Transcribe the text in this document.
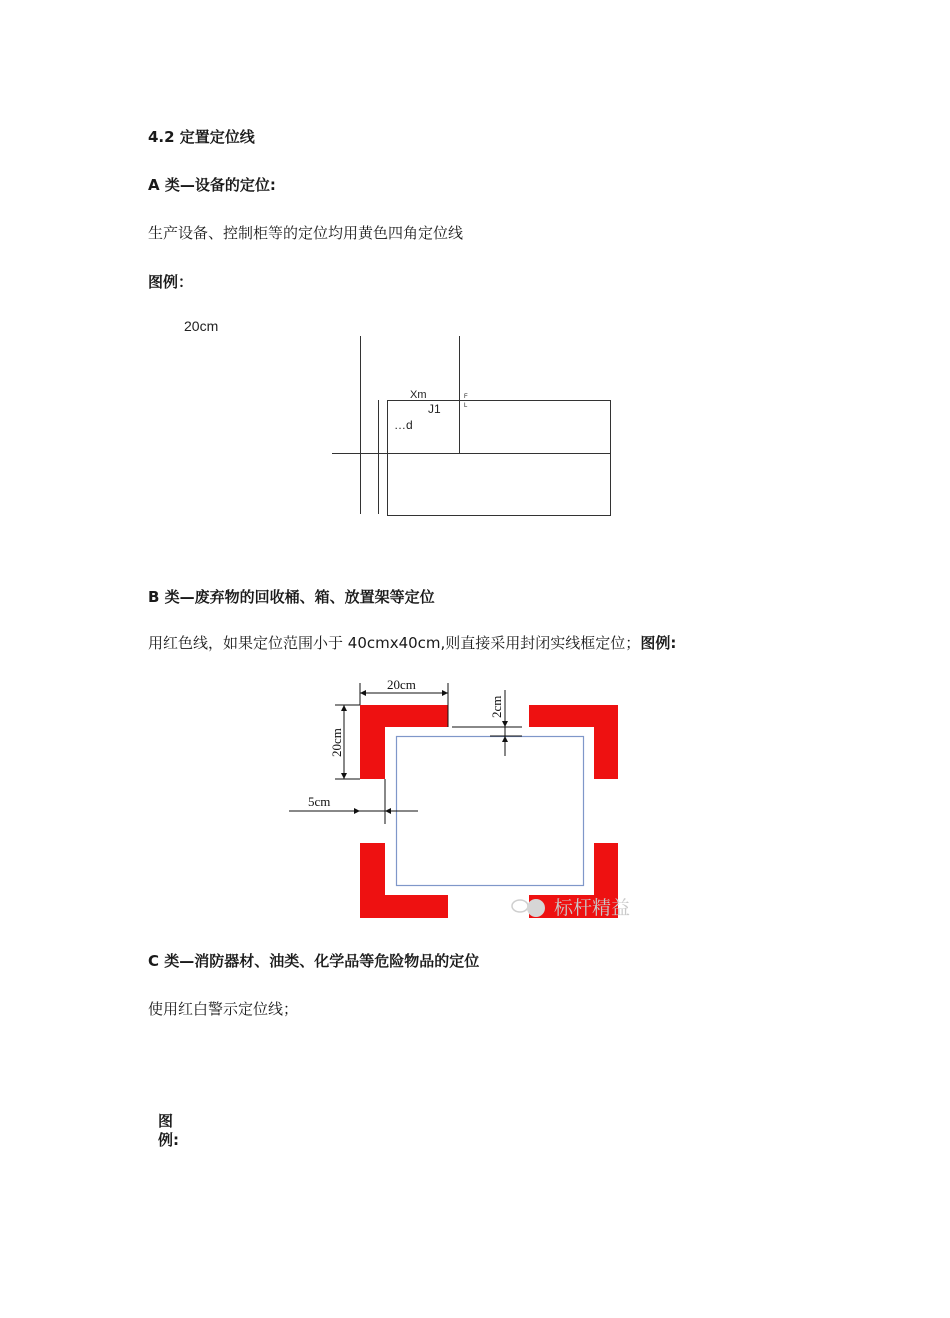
4.2 定置定位线
A 类—设备的定位:
生产设备、控制柜等的定位均用黄色四角定位线
图例：
20cm
Xm
J1
…d
F
L
B 类—废弃物的回收桶、箱、放置架等定位
用红色线，如果定位范围小于 40cmx40cm,则直接采用封闭实线框定位；图例:
20cm
20cm
2cm
5cm
标杆精益
C 类—消防器材、油类、化学品等危险物品的定位
使用红白警示定位线；
图
例:
